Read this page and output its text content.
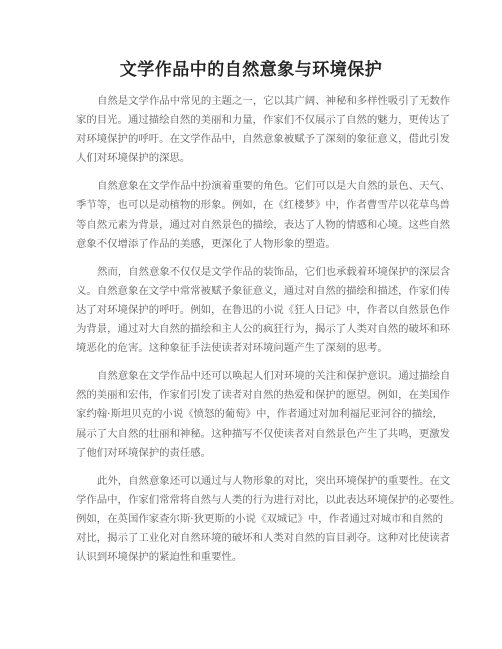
文学作品中的自然意象与环境保护
自然是文学作品中常见的主题之一，它以其广阔、神秘和多样性吸引了无数作
家的目光。通过描绘自然的美丽和力量，作家们不仅展示了自然的魅力，更传达了
对环境保护的呼吁。在文学作品中，自然意象被赋予了深刻的象征意义，借此引发
人们对环境保护的深思。
自然意象在文学作品中扮演着重要的角色。它们可以是大自然的景色、天气、
季节等，也可以是动植物的形象。例如，在《红楼梦》中，作者曹雪芹以花草鸟兽
等自然元素为背景，通过对自然景色的描绘，表达了人物的情感和心境。这些自然
意象不仅增添了作品的美感，更深化了人物形象的塑造。
然而，自然意象不仅仅是文学作品的装饰品，它们也承载着环境保护的深层含
义。自然意象在文学中常常被赋予象征意义，通过对自然的描绘和描述，作家们传
达了对环境保护的呼吁。例如，在鲁迅的小说《狂人日记》中，作者以自然景色作
为背景，通过对大自然的描绘和主人公的疯狂行为，揭示了人类对自然的破坏和环
境恶化的危害。这种象征手法使读者对环境问题产生了深刻的思考。
自然意象在文学作品中还可以唤起人们对环境的关注和保护意识。通过描绘自
然的美丽和宏伟，作家们引发了读者对自然的热爱和保护的愿望。例如，在美国作
家约翰·斯坦贝克的小说《愤怒的葡萄》中，作者通过对加利福尼亚河谷的描绘，
展示了大自然的壮丽和神秘。这种描写不仅使读者对自然景色产生了共鸣，更激发
了他们对环境保护的责任感。
此外，自然意象还可以通过与人物形象的对比，突出环境保护的重要性。在文
学作品中，作家们常常将自然与人类的行为进行对比，以此表达环境保护的必要性。
例如，在英国作家查尔斯·狄更斯的小说《双城记》中，作者通过对城市和自然的
对比，揭示了工业化对自然环境的破坏和人类对自然的盲目剥夺。这种对比使读者
认识到环境保护的紧迫性和重要性。
